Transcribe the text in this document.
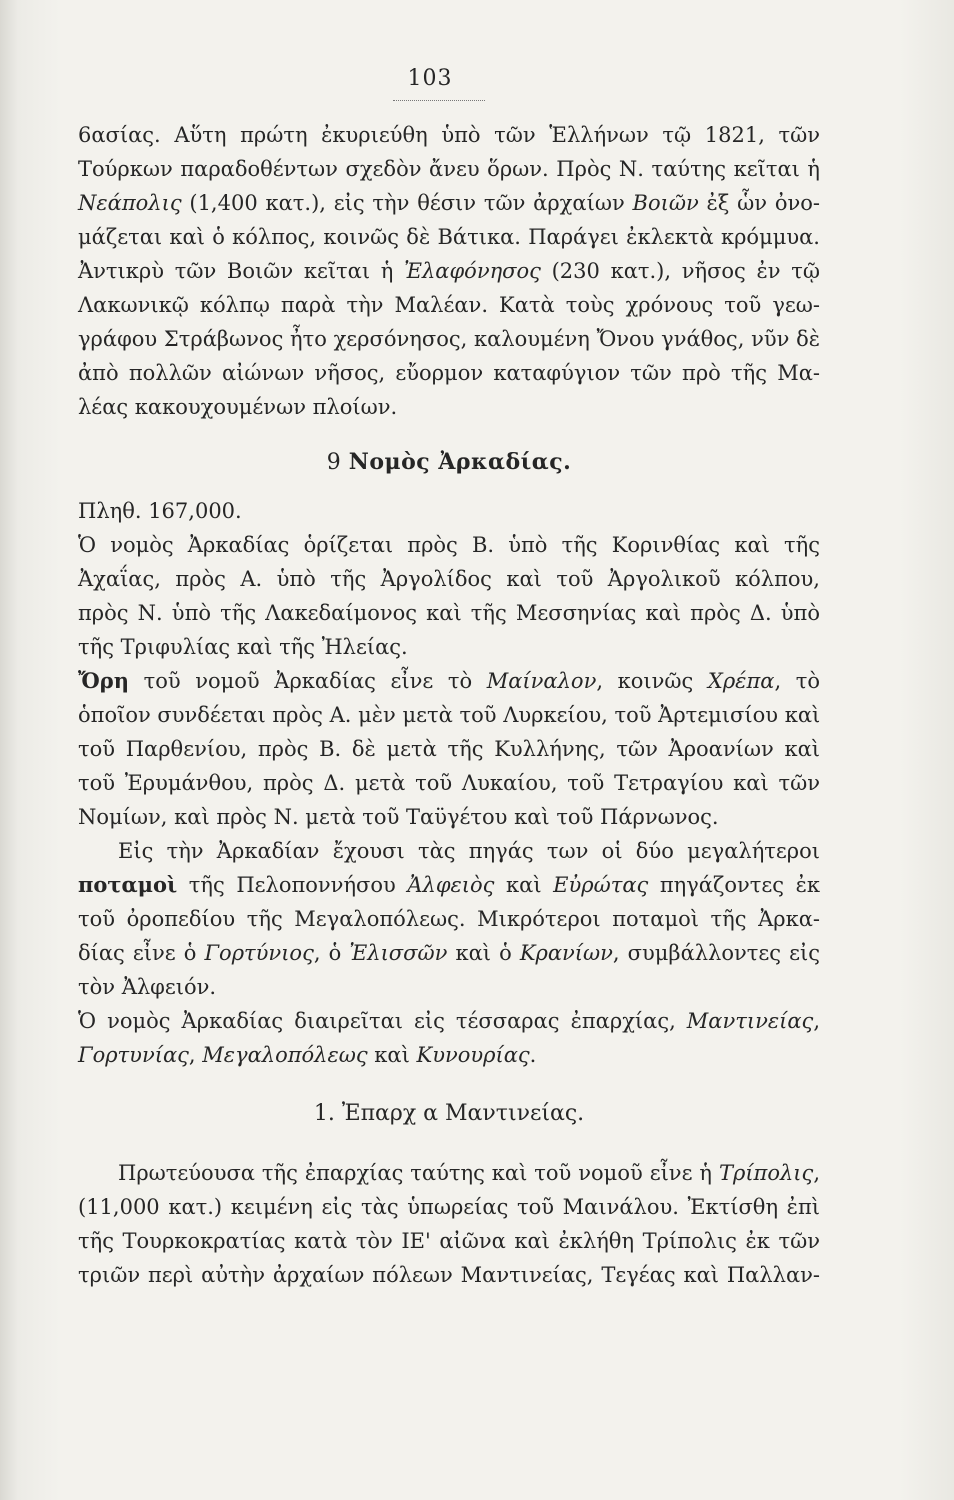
103
6ασίας. Αὕτη πρώτη ἐκυριεύθη ὑπὸ τῶν Ἑλλήνων τῷ 1821, τῶν
Τούρκων παραδοθέντων σχεδὸν ἄνευ ὅρων. Πρὸς Ν. ταύτης κεῖται ἡ
Νεάπολις (1,400 κατ.), εἰς τὴν θέσιν τῶν ἀρχαίων Βοιῶν ἐξ ὧν ὀνο-
μάζεται καὶ ὁ κόλπος, κοινῶς δὲ Βάτικα. Παράγει ἐκλεκτὰ κρόμμυα.
Ἀντικρὺ τῶν Βοιῶν κεῖται ἡ Ἐλαφόνησος (230 κατ.), νῆσος ἐν τῷ
Λακωνικῷ κόλπῳ παρὰ τὴν Μαλέαν. Κατὰ τοὺς χρόνους τοῦ γεω-
γράφου Στράβωνος ἦτο χερσόνησος, καλουμένη Ὄνου γνάθος, νῦν δὲ
ἀπὸ πολλῶν αἰώνων νῆσος, εὔορμον καταφύγιον τῶν πρὸ τῆς Μα-
λέας κακουχουμένων πλοίων.
9 Νομὸς Ἀρκαδίας.
Πληθ. 167,000.
Ὁ νομὸς Ἀρκαδίας ὁρίζεται πρὸς Β. ὑπὸ τῆς Κορινθίας καὶ τῆς
Ἀχαΐας, πρὸς Α. ὑπὸ τῆς Ἀργολίδος καὶ τοῦ Ἀργολικοῦ κόλπου,
πρὸς Ν. ὑπὸ τῆς Λακεδαίμονος καὶ τῆς Μεσσηνίας καὶ πρὸς Δ. ὑπὸ
τῆς Τριφυλίας καὶ τῆς Ἠλείας.
Ὄρη τοῦ νομοῦ Ἀρκαδίας εἶνε τὸ Μαίναλον, κοινῶς Χρέπα, τὸ
ὁποῖον συνδέεται πρὸς Α. μὲν μετὰ τοῦ Λυρκείου, τοῦ Ἀρτεμισίου καὶ
τοῦ Παρθενίου, πρὸς Β. δὲ μετὰ τῆς Κυλλήνης, τῶν Ἀροανίων καὶ
τοῦ Ἐρυμάνθου, πρὸς Δ. μετὰ τοῦ Λυκαίου, τοῦ Τετραγίου καὶ τῶν
Νομίων, καὶ πρὸς Ν. μετὰ τοῦ Ταϋγέτου καὶ τοῦ Πάρνωνος.
Εἰς τὴν Ἀρκαδίαν ἔχουσι τὰς πηγάς των οἱ δύο μεγαλήτεροι
ποταμοὶ τῆς Πελοποννήσου Ἀλφειὸς καὶ Εὐρώτας πηγάζοντες ἐκ
τοῦ ὀροπεδίου τῆς Μεγαλοπόλεως. Μικρότεροι ποταμοὶ τῆς Ἀρκα-
δίας εἶνε ὁ Γορτύνιος, ὁ Ἐλισσῶν καὶ ὁ Κρανίων, συμβάλλοντες εἰς
τὸν Ἀλφειόν.
Ὁ νομὸς Ἀρκαδίας διαιρεῖται εἰς τέσσαρας ἐπαρχίας, Μαντινείας,
Γορτυνίας, Μεγαλοπόλεως καὶ Κυνουρίας.
1. Ἐπαρχ α Μαντινείας.
Πρωτεύουσα τῆς ἐπαρχίας ταύτης καὶ τοῦ νομοῦ εἶνε ἡ Τρίπολις,
(11,000 κατ.) κειμένη εἰς τὰς ὑπωρείας τοῦ Μαινάλου. Ἐκτίσθη ἐπὶ
τῆς Τουρκοκρατίας κατὰ τὸν ΙΕ' αἰῶνα καὶ ἐκλήθη Τρίπολις ἐκ τῶν
τριῶν περὶ αὐτὴν ἀρχαίων πόλεων Μαντινείας, Τεγέας καὶ Παλλαν-
